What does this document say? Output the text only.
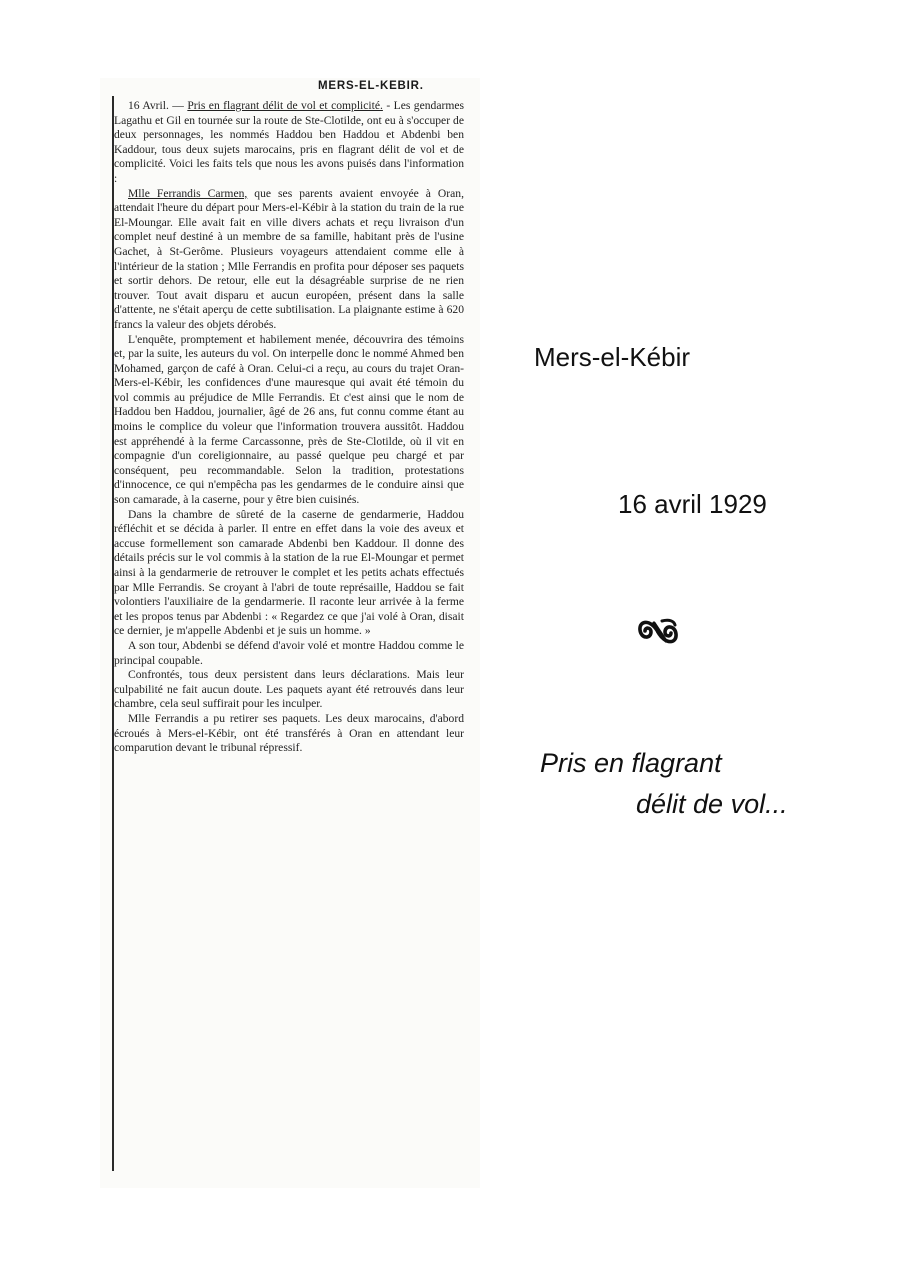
MERS-EL-KEBIR.

16 Avril. — Pris en flagrant délit de vol et complicité. - Les gendarmes Lagathu et Gil en tournée sur la route de Ste-Clotilde, ont eu à s'occuper de deux personnages, les nommés Haddou ben Haddou et Abdenbi ben Kaddour, tous deux sujets marocains, pris en flagrant délit de vol et de complicité. Voici les faits tels que nous les avons puisés dans l'information :

Mlle Ferrandis Carmen, que ses parents avaient envoyée à Oran, attendait l'heure du départ pour Mers-el-Kébir à la station du train de la rue El-Moungar. Elle avait fait en ville divers achats et reçu livraison d'un complet neuf destiné à un membre de sa famille, habitant près de l'usine Gachet, à St-Gerôme. Plusieurs voyageurs attendaient comme elle à l'intérieur de la station ; Mlle Ferrandis en profita pour déposer ses paquets et sortir dehors. De retour, elle eut la désagréable surprise de ne rien trouver. Tout avait disparu et aucun européen, présent dans la salle d'attente, ne s'était aperçu de cette subtilisation. La plaignante estime à 620 francs la valeur des objets dérobés.

L'enquête, promptement et habilement menée, découvrira des témoins et, par la suite, les auteurs du vol. On interpelle donc le nommé Ahmed ben Mohamed, garçon de café à Oran. Celui-ci a reçu, au cours du trajet Oran-Mers-el-Kébir, les confidences d'une mauresque qui avait été témoin du vol commis au préjudice de Mlle Ferrandis. Et c'est ainsi que le nom de Haddou ben Haddou, journalier, âgé de 26 ans, fut connu comme étant au moins le complice du voleur que l'information trouvera aussitôt. Haddou est appréhendé à la ferme Carcassonne, près de Ste-Clotilde, où il vit en compagnie d'un coreligionnaire, au passé quelque peu chargé et par conséquent, peu recommandable. Selon la tradition, protestations d'innocence, ce qui n'empêcha pas les gendarmes de le conduire ainsi que son camarade, à la caserne, pour y être bien cuisinés.

Dans la chambre de sûreté de la caserne de gendarmerie, Haddou réfléchit et se décida à parler. Il entre en effet dans la voie des aveux et accuse formellement son camarade Abdenbi ben Kaddour. Il donne des détails précis sur le vol commis à la station de la rue El-Moungar et permet ainsi à la gendarmerie de retrouver le complet et les petits achats effectués par Mlle Ferrandis. Se croyant à l'abri de toute représaille, Haddou se fait volontiers l'auxiliaire de la gendarmerie. Il raconte leur arrivée à la ferme et les propos tenus par Abdenbi : « Regardez ce que j'ai volé à Oran, disait ce dernier, je m'appelle Abdenbi et je suis un homme. »

A son tour, Abdenbi se défend d'avoir volé et montre Haddou comme le principal coupable.

Confrontés, tous deux persistent dans leurs déclarations. Mais leur culpabilité ne fait aucun doute. Les paquets ayant été retrouvés dans leur chambre, cela seul suffirait pour les inculper.

Mlle Ferrandis a pu retirer ses paquets. Les deux marocains, d'abord écroués à Mers-el-Kébir, ont été transférés à Oran en attendant leur comparution devant le tribunal répressif.

Mers-el-Kébir
16 avril 1929
Pris en flagrant
délit de vol...
